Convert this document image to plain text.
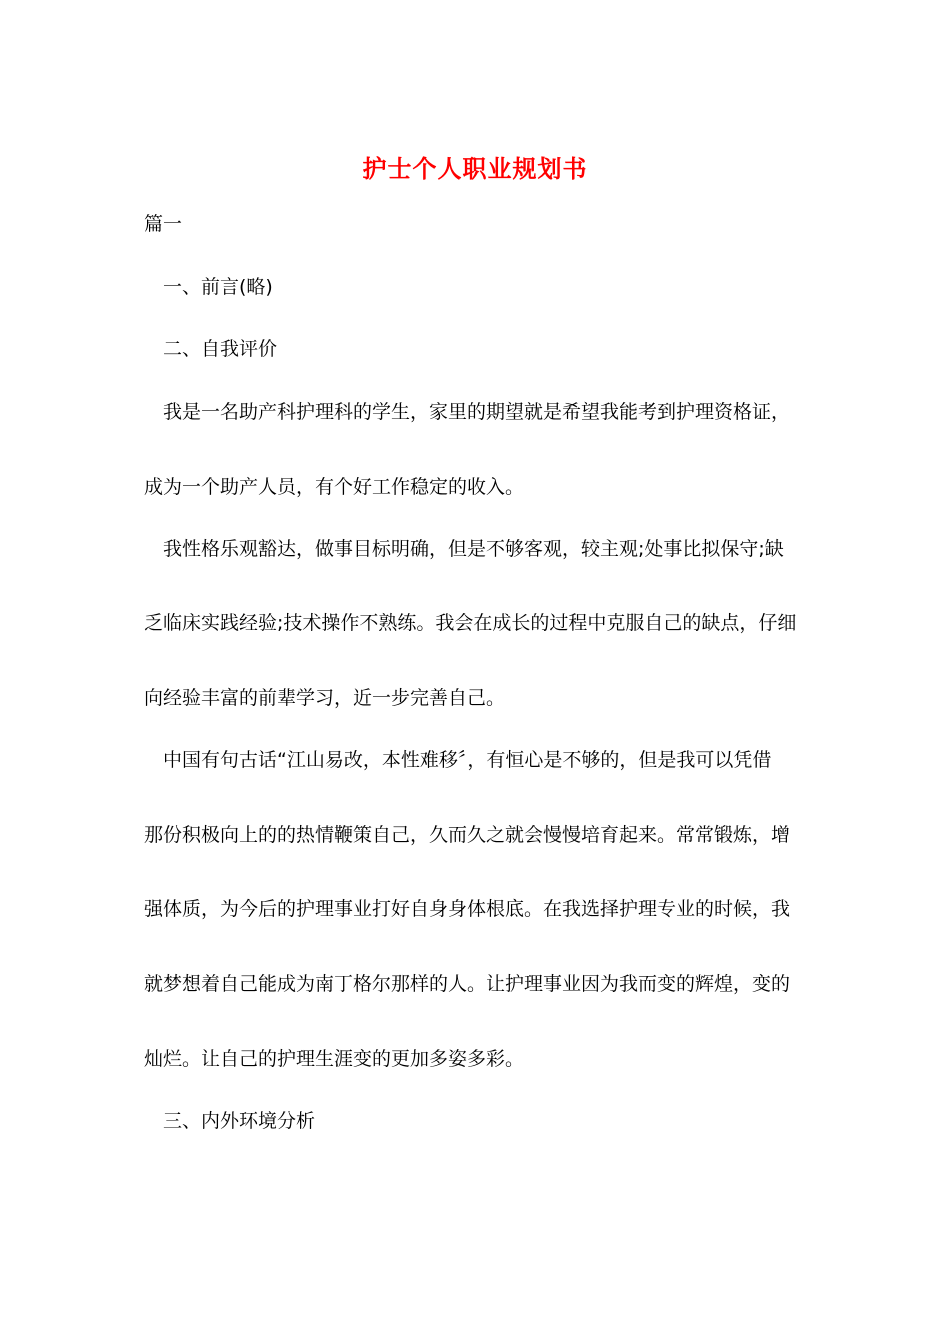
护士个人职业规划书

篇一

一、前言(略)

二、自我评价

我是一名助产科护理科的学生，家里的期望就是希望我能考到护理资格证，

成为一个助产人员，有个好工作稳定的收入。

我性格乐观豁达，做事目标明确，但是不够客观，较主观;处事比拟保守;缺

乏临床实践经验;技术操作不熟练。我会在成长的过程中克服自己的缺点，仔细

向经验丰富的前辈学习，近一步完善自己。

中国有句古话“江山易改，本性难移〞，有恒心是不够的，但是我可以凭借

那份积极向上的的热情鞭策自己，久而久之就会慢慢培育起来。常常锻炼，增

强体质，为今后的护理事业打好自身身体根底。在我选择护理专业的时候，我

就梦想着自己能成为南丁格尔那样的人。让护理事业因为我而变的辉煌，变的

灿烂。让自己的护理生涯变的更加多姿多彩。

三、内外环境分析
